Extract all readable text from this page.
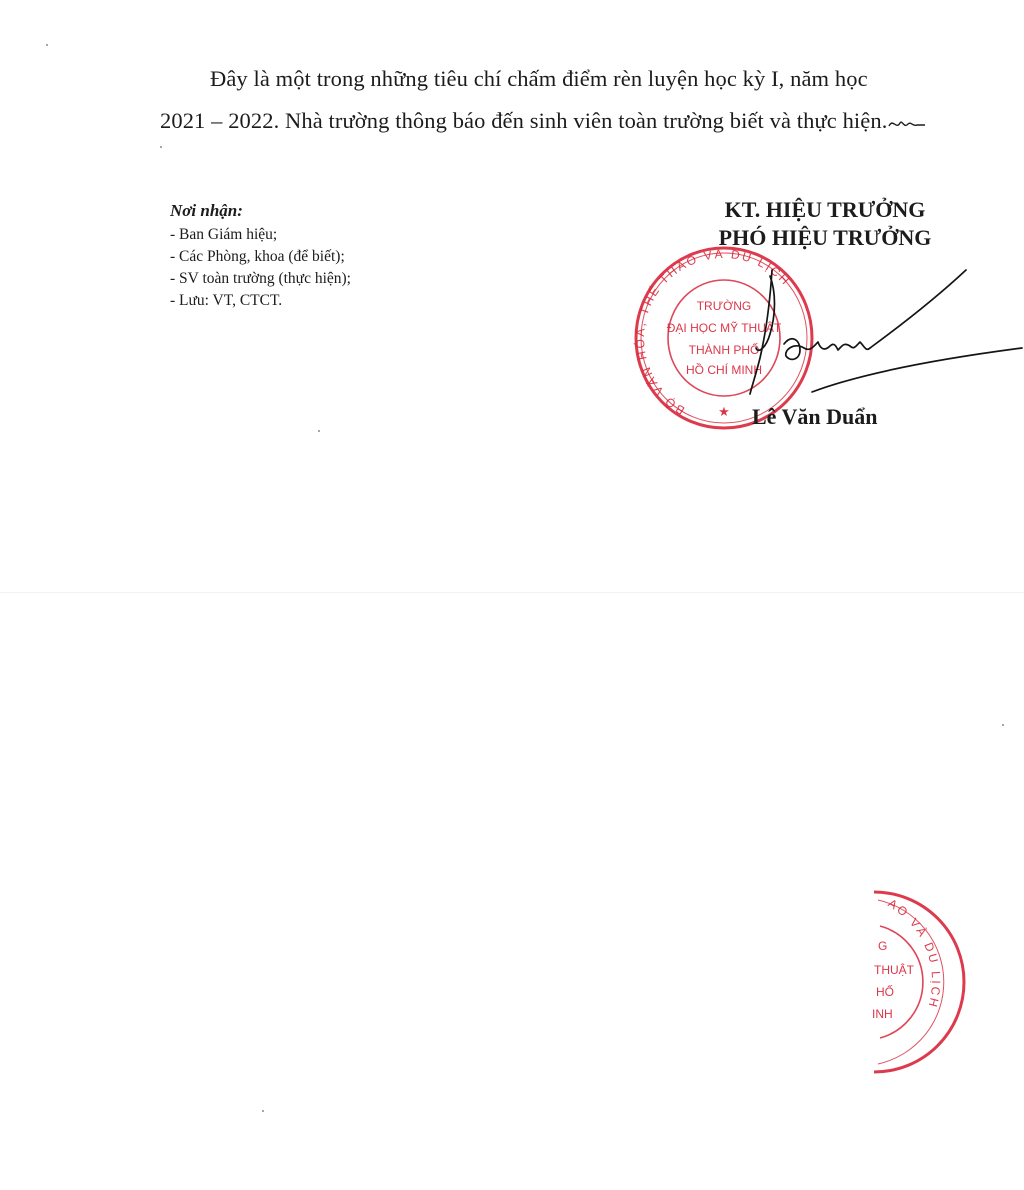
Đây là một trong những tiêu chí chấm điểm rèn luyện học kỳ I, năm học
2021 – 2022. Nhà trường thông báo đến sinh viên toàn trường biết và thực hiện.
Nơi nhận:
- Ban Giám hiệu;
- Các Phòng, khoa (để biết);
- SV toàn trường (thực hiện);
- Lưu: VT, CTCT.
KT. HIỆU TRƯỞNG
PHÓ HIỆU TRƯỞNG
BỘ VĂN HÓA, THỂ THAO VÀ DU LỊCH
TRƯỜNG
ĐẠI HỌC MỸ THUẬT
THÀNH PHỐ
HỒ CHÍ MINH
★ Lê Văn Duẩn
AO VÀ DU LỊCH
G
THUẬT
HỐ
INH
